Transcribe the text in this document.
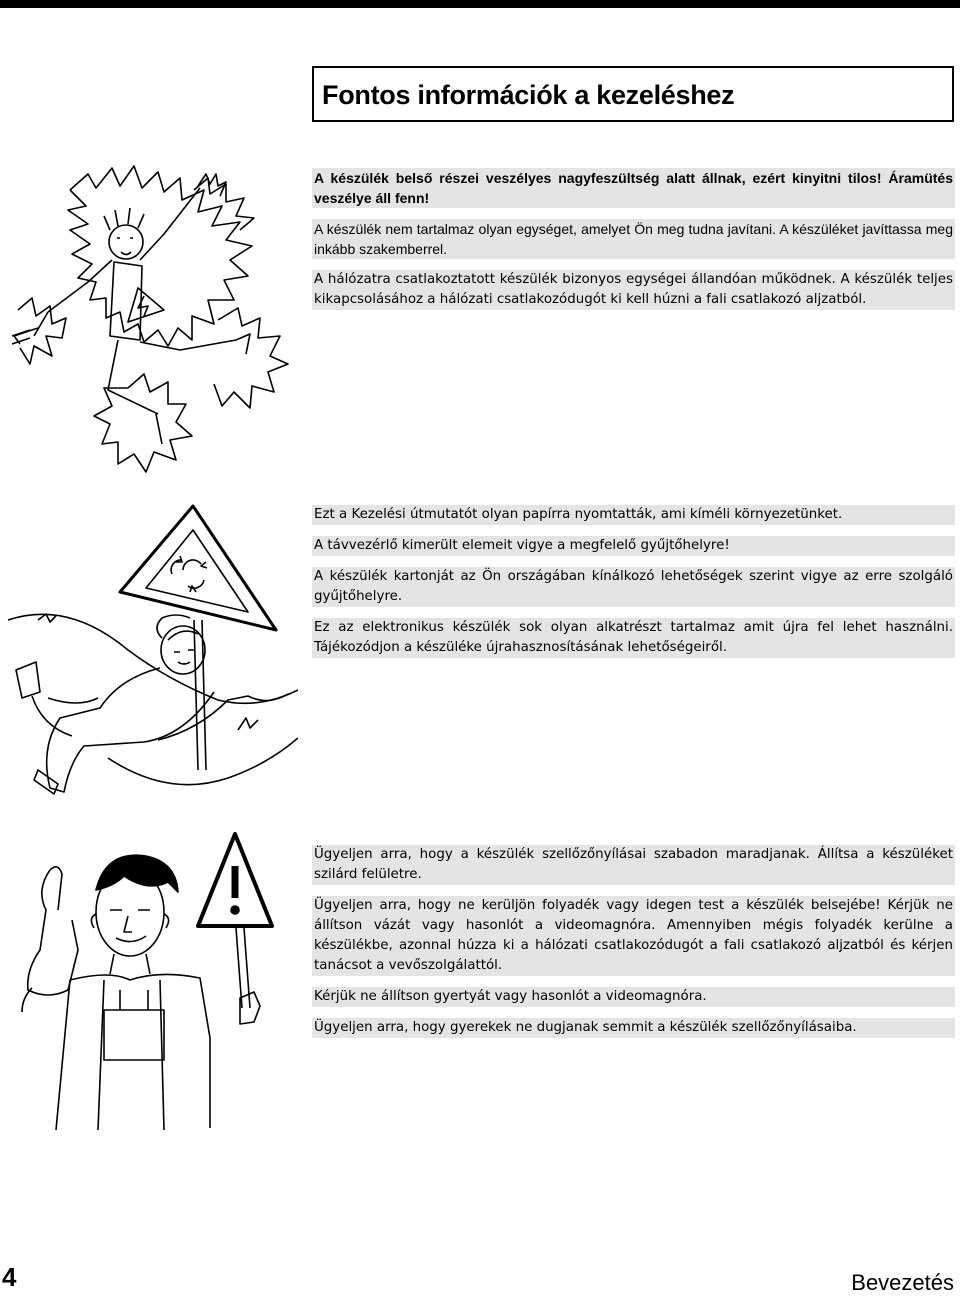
Fontos információk a kezeléshez

A készülék belső részei veszélyes nagyfeszültség alatt állnak, ezért kinyitni tilos! Áramütés veszélye áll fenn!

A készülék nem tartalmaz olyan egységet, amelyet Ön meg tudna javítani. A készüléket javíttassa meg inkább szakemberrel.

A hálózatra csatlakoztatott készülék bizonyos egységei állandóan működnek. A készülék teljes kikapcsolásához a hálózati csatlakozódugót ki kell húzni a fali csatlakozó aljzatból.

Ezt a Kezelési útmutatót olyan papírra nyomtatták, ami kíméli környezetünket.

A távvezérlő kimerült elemeit vigye a megfelelő gyűjtőhelyre!

A készülék kartonját az Ön országában kínálkozó lehetőségek szerint vigye az erre szolgáló gyűjtőhelyre.

Ez az elektronikus készülék sok olyan alkatrészt tartalmaz amit újra fel lehet használni. Tájékozódjon a készüléke újrahasznosításának lehetőségeiről.

Ügyeljen arra, hogy a készülék szellőzőnyílásai szabadon maradjanak. Állítsa a készüléket szilárd felületre.

Ügyeljen arra, hogy ne kerüljön folyadék vagy idegen test a készülék belsejébe! Kérjük ne állítson vázát vagy hasonlót a videomagnóra. Amennyiben mégis folyadék kerülne a készülékbe, azonnal húzza ki a hálózati csatlakozódugót a fali csatlakozó aljzatból és kérjen tanácsot a vevőszolgálattól.

Kérjük ne állítson gyertyát vagy hasonlót a videomagnóra.

Ügyeljen arra, hogy gyerekek ne dugjanak semmit a készülék szellőzőnyílásaiba.

4	Bevezetés
